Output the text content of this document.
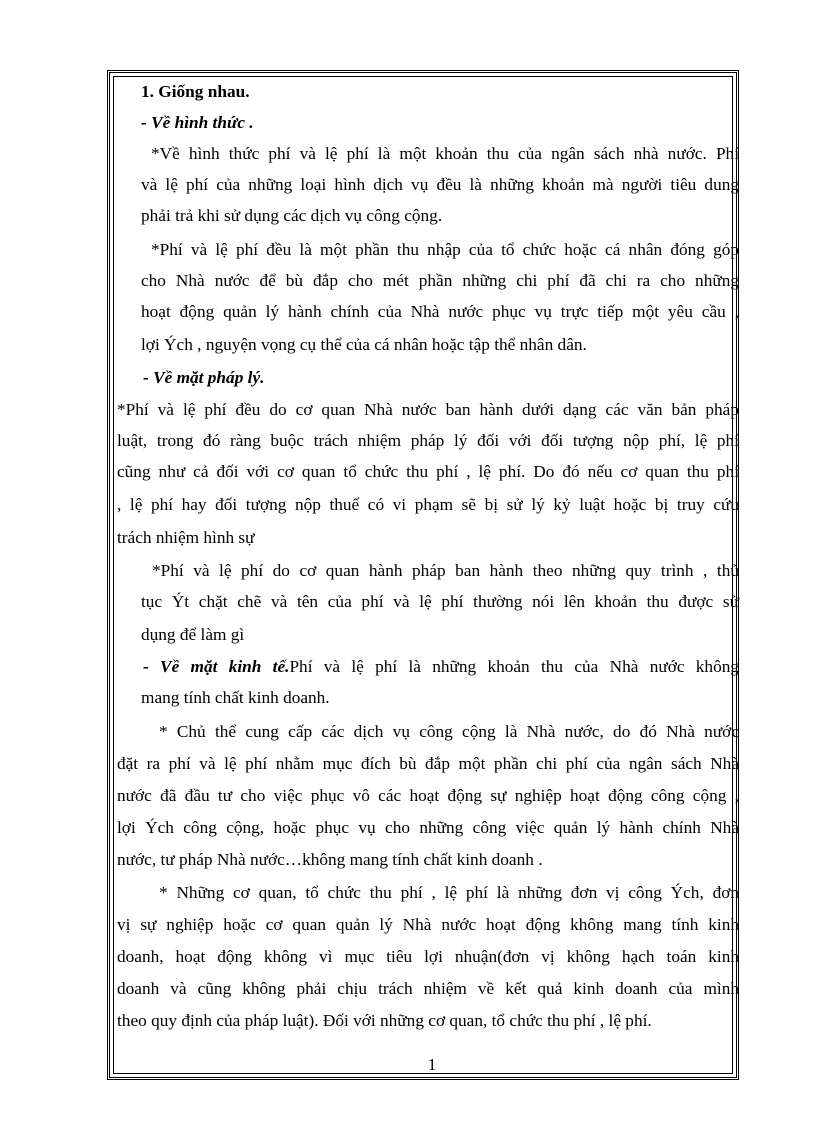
1. Giống nhau.
- Về hình thức .
*Về hình thức phí và lệ phí là một khoản thu của ngân sách nhà nước. Phí
và lệ phí của những loại hình dịch vụ đều là những khoản mà người tiêu dung
phải trả khi sử dụng các dịch vụ công cộng.
*Phí và lệ phí đều là một phần thu nhập của tổ chức hoặc cá nhân đóng góp
cho Nhà nước để bù đắp cho mét phần những chi phí đã chi ra cho những
hoạt động quản lý hành chính của Nhà nước phục vụ trực tiếp một yêu cầu ,
lợi Ých , nguyện vọng cụ thể của cá nhân hoặc tập thể nhân dân.
- Về mặt pháp lý.
*Phí và lệ phí đều do cơ quan Nhà nước ban hành dưới dạng các văn bản pháp
luật, trong đó ràng buộc trách nhiệm pháp lý đối với đối tượng nộp phí, lệ phí
cũng như cả đối với cơ quan tổ chức thu phí , lệ phí. Do đó nếu cơ quan thu phí
, lệ phí hay đối tượng nộp thuế có vi phạm sẽ bị sử lý kỷ luật hoặc bị truy cứu
trách nhiệm hình sự
*Phí và lệ phí do cơ quan hành pháp ban hành theo những quy trình , thủ
tục Ýt chặt chẽ và tên của phí và lệ phí thường nói lên khoản thu được sử
dụng để làm gì
- Về mặt kinh tế.Phí và lệ phí là những khoản thu của Nhà nước không
mang tính chất kinh doanh.
* Chủ thể cung cấp các dịch vụ công cộng là Nhà nước, do đó Nhà nước
đặt ra phí và lệ phí nhằm mục đích bù đắp một phần chi phí của ngân sách Nhà
nước đã đầu tư cho việc phục vô các hoạt động sự nghiệp hoạt động công cộng ,
lợi Ých công cộng, hoặc phục vụ cho những công việc quản lý hành chính Nhà
nước, tư pháp Nhà nước…không mang tính chất kinh doanh .
* Những cơ quan, tổ chức thu phí , lệ phí là những đơn vị công Ých, đơn
vị sự nghiệp hoặc cơ quan quản lý Nhà nước hoạt động không mang tính kinh
doanh, hoạt động không vì mục tiêu lợi nhuận(đơn vị không hạch toán kinh
doanh và cũng không phải chịu trách nhiệm về kết quả kinh doanh của mình
theo quy định của pháp luật). Đối với những cơ quan, tổ chức thu phí , lệ phí.
1
